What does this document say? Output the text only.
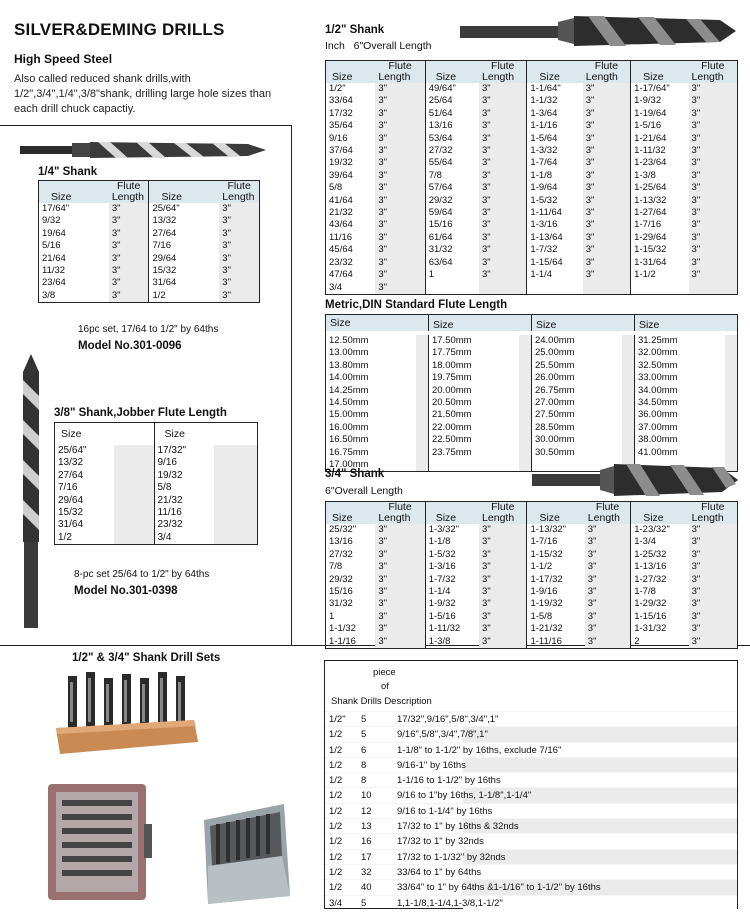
SILVER&DEMING DRILLS
High Speed Steel
Also called reduced shank drills,with 1/2",3/4",1/4",3/8"shank, drilling large hole sizes than each drill chuck capactiy.
1/4" Shank
	Flute		Flute
Size	Length	Size	Length
17/64"	3"	25/64"	3"
9/32	3"	13/32	3"
19/64	3"	27/64	3"
5/16	3"	7/16	3"
21/64	3"	29/64	3"
11/32	3"	15/32	3"
23/64	3"	31/64	3"
3/8	3"	1/2	3"
16pc set, 17/64 to 1/2" by 64ths
Model No.301-0096
3/8" Shank,Jobber Flute Length
Size		Size	
25/64"		17/32"	
13/32		9/16	
27/64		19/32	
7/16		5/8	
29/64		21/32	
15/32		11/16	
31/64		23/32	
1/2		3/4	
8-pc set 25/64 to 1/2" by 64ths
Model No.301-0398
1/2" Shank
Inch   6"Overall Length
	Flute		Flute		Flute		Flute
Size	Length	Size	Length	Size	Length	Size	Length
1/2"	3"	49/64"	3"	1-1/64"	3"	1-17/64"	3"
33/64	3"	25/64	3"	1-1/32	3"	1-9/32	3"
17/32	3"	51/64	3"	1-3/64	3"	1-19/64	3"
35/64	3"	13/16	3"	1-1/16	3"	1-5/16	3"
9/16	3"	53/64	3"	1-5/64	3"	1-21/64	3"
37/64	3"	27/32	3"	1-3/32	3"	1-11/32	3"
19/32	3"	55/64	3"	1-7/64	3"	1-23/64	3"
39/64	3"	7/8	3"	1-1/8	3"	1-3/8	3"
5/8	3"	57/64	3"	1-9/64	3"	1-25/64	3"
41/64	3"	29/32	3"	1-5/32	3"	1-13/32	3"
21/32	3"	59/64	3"	1-11/64	3"	1-27/64	3"
43/64	3"	15/16	3"	1-3/16	3"	1-7/16	3"
11/16	3"	61/64	3"	1-13/64	3"	1-29/64	3"
45/64	3"	31/32	3"	1-7/32	3"	1-15/32	3"
23/32	3"	63/64	3"	1-15/64	3"	1-31/64	3"
47/64	3"	1	3"	1-1/4	3"	1-1/2	3"
3/4	3"						
Metric,DIN Standard Flute Length
Size		Size		Size		Size	

12.50mm		17.50mm		24.00mm		31.25mm	
13.00mm		17.75mm		25.00mm		32.00mm	
13.80mm		18.00mm		25.50mm		32.50mm	
14.00mm		19.75mm		26.00mm		33.00mm	
14.25mm		20.00mm		26.75mm		34.00mm	
14.50mm		20.50mm		27.00mm		34.50mm	
15.00mm		21.50mm		27.50mm		36.00mm	
16.00mm		22.00mm		28.50mm		37.00mm	
16.50mm		22.50mm		30.00mm		38.00mm	
16.75mm		23.75mm		30.50mm		41.00mm	
17.00mm							
3/4" Shank
6"Overall Length
	Flute		Flute		Flute		Flute
Size	Length	Size	Length	Size	Length	Size	Length
25/32"	3"	1-3/32"	3"	1-13/32"	3"	1-23/32"	3"
13/16	3"	1-1/8	3"	1-7/16	3"	1-3/4	3"
27/32	3"	1-5/32	3"	1-15/32	3"	1-25/32	3"
7/8	3"	1-3/16	3"	1-1/2	3"	1-13/16	3"
29/32	3"	1-7/32	3"	1-17/32	3"	1-27/32	3"
15/16	3"	1-1/4	3"	1-9/16	3"	1-7/8	3"
31/32	3"	1-9/32	3"	1-19/32	3"	1-29/32	3"
1	3"	1-5/16	3"	1-5/8	3"	1-15/16	3"
1-1/32	3"	1-11/32	3"	1-21/32	3"	1-31/32	3"
1-1/16	3"	1-3/8	3"	1-11/16	3"	2	3"
1/2" & 3/4" Shank Drill Sets
piece
of
Shank Drills Description
1/2" 5	17/32",9/16",5/8",3/4",1"
1/2 5	9/16",5/8",3/4",7/8",1"
1/2 6	1-1/8" to 1-1/2" by 16ths, exclude 7/16"
1/2 8	9/16-1" by 16ths
1/2 8	1-1/16 to 1-1/2" by 16ths
1/2 10	9/16 to 1"by 16ths, 1-1/8",1-1/4"
1/2 12	9/16 to 1-1/4" by 16ths
1/2 13	17/32 to 1" by 16ths & 32nds
1/2 16	17/32 to 1" by 32nds
1/2 17	17/32 to 1-1/32" by 32nds
1/2 32	33/64 to 1" by 64ths
1/2 40	33/64" to 1" by 64ths &1-1/16" to 1-1/2" by 16ths
3/4 5	1,1-1/8,1-1/4,1-3/8,1-1/2"
